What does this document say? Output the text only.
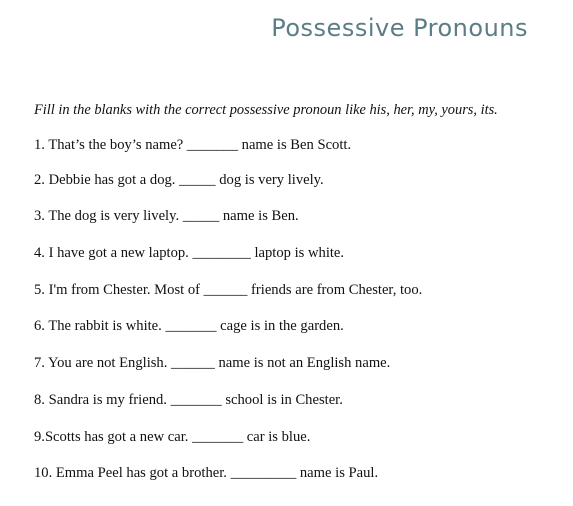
Possessive Pronouns
Fill in the blanks with the correct possessive pronoun like his, her, my, yours, its.
1. That’s the boy’s name? _______ name is Ben Scott.
2. Debbie has got a dog. _____ dog is very lively.
3. The dog is very lively. _____ name is Ben.
4. I have got a new laptop. ________ laptop is white.
5. I'm from Chester. Most of ______ friends are from Chester, too.
6. The rabbit is white. _______ cage is in the garden.
7. You are not English. ______ name is not an English name.
8. Sandra is my friend. _______ school is in Chester.
9.Scotts has got a new car. _______ car is blue.
10. Emma Peel has got a brother. _________ name is Paul.
